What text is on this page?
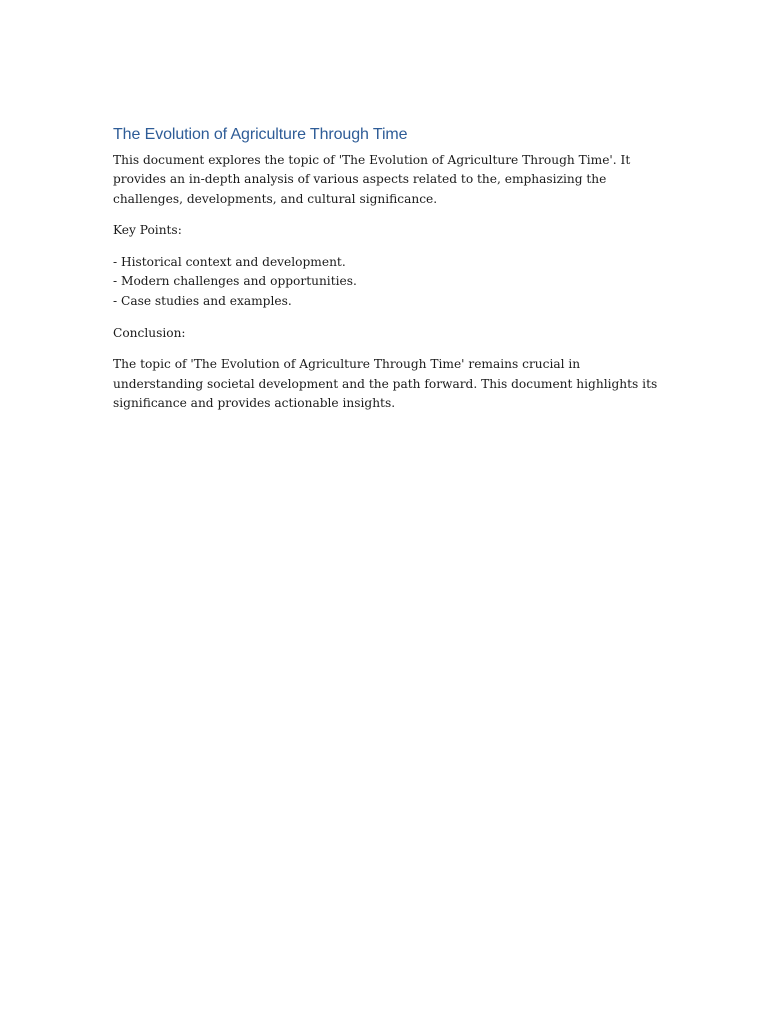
The Evolution of Agriculture Through Time

This document explores the topic of 'The Evolution of Agriculture Through Time'. It provides an in-depth analysis of various aspects related to the, emphasizing the challenges, developments, and cultural significance.

Key Points:

- Historical context and development.
- Modern challenges and opportunities.
- Case studies and examples.

Conclusion:

The topic of 'The Evolution of Agriculture Through Time' remains crucial in understanding societal development and the path forward. This document highlights its significance and provides actionable insights.
